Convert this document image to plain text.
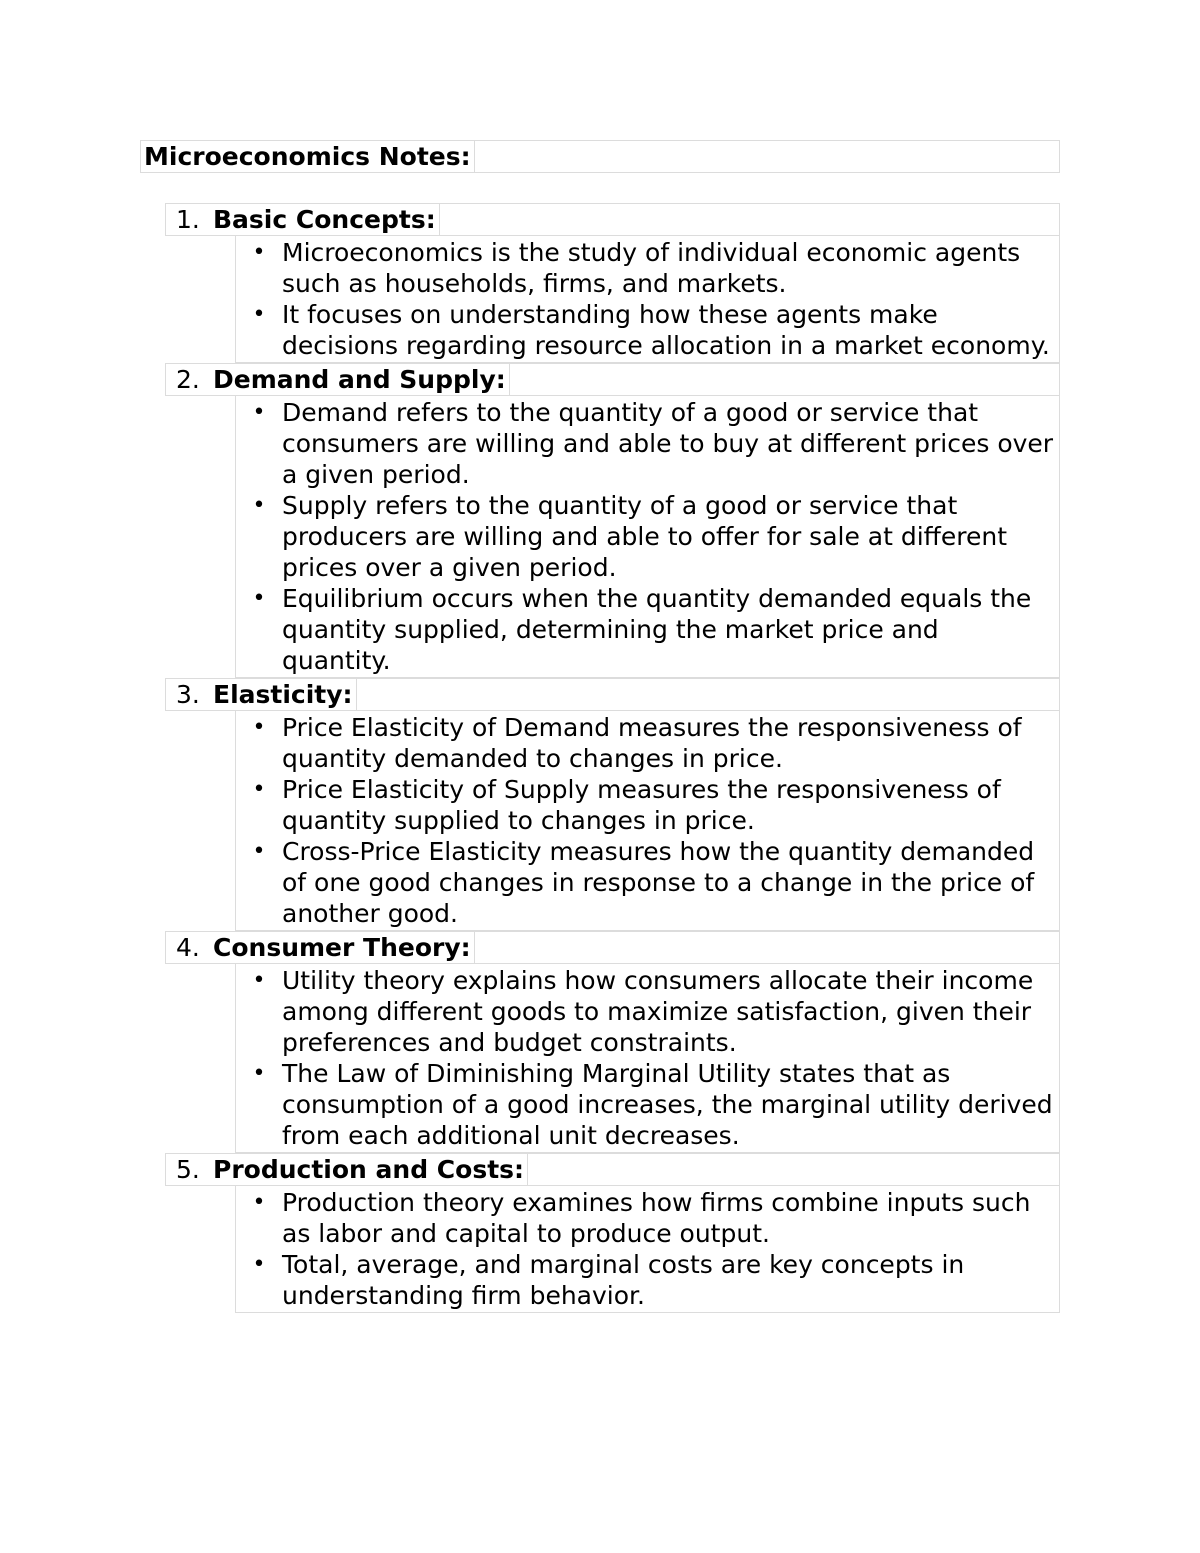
Microeconomics Notes:
1. Basic Concepts:
• Microeconomics is the study of individual economic agents such as households, firms, and markets.
• It focuses on understanding how these agents make decisions regarding resource allocation in a market economy.
2. Demand and Supply:
• Demand refers to the quantity of a good or service that consumers are willing and able to buy at different prices over a given period.
• Supply refers to the quantity of a good or service that producers are willing and able to offer for sale at different prices over a given period.
• Equilibrium occurs when the quantity demanded equals the quantity supplied, determining the market price and quantity.
3. Elasticity:
• Price Elasticity of Demand measures the responsiveness of quantity demanded to changes in price.
• Price Elasticity of Supply measures the responsiveness of quantity supplied to changes in price.
• Cross-Price Elasticity measures how the quantity demanded of one good changes in response to a change in the price of another good.
4. Consumer Theory:
• Utility theory explains how consumers allocate their income among different goods to maximize satisfaction, given their preferences and budget constraints.
• The Law of Diminishing Marginal Utility states that as consumption of a good increases, the marginal utility derived from each additional unit decreases.
5. Production and Costs:
• Production theory examines how firms combine inputs such as labor and capital to produce output.
• Total, average, and marginal costs are key concepts in understanding firm behavior.
